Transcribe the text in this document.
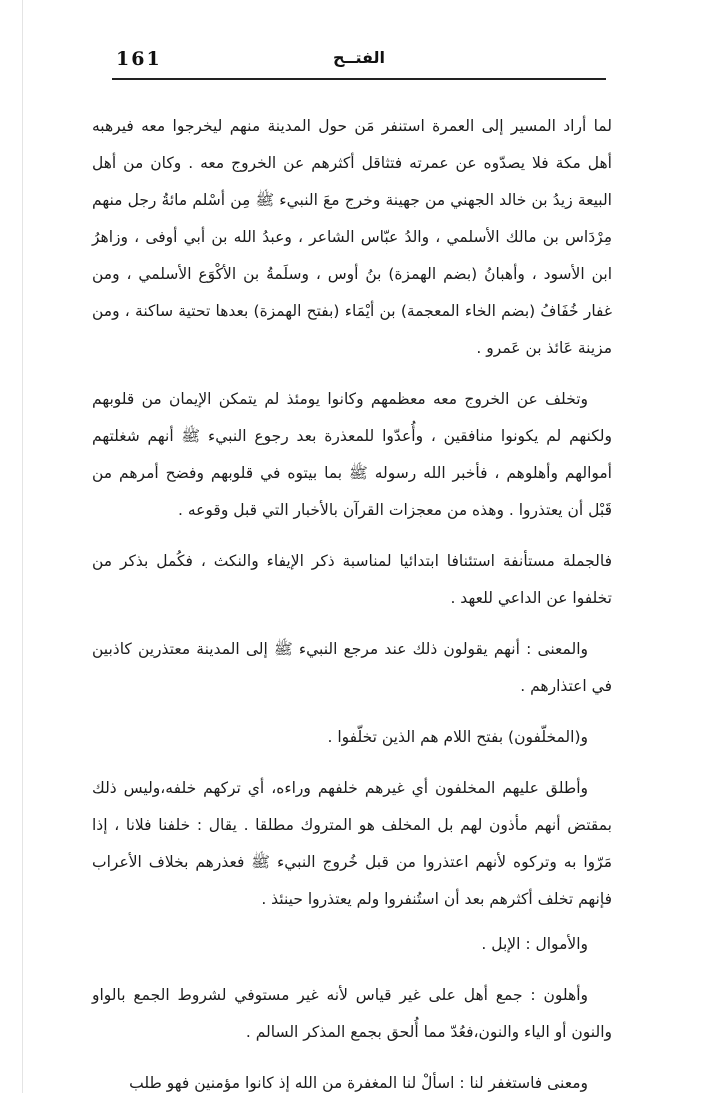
161	الفتــح

لما أراد المسير إلى العمرة استنفر مَن حول المدينة منهم ليخرجوا معه فيرهبه أهل مكة فلا يصدّوه عن عمرته فتثاقل أكثرهم عن الخروج معه . وكان من أهل البيعة زيدُ بن خالد الجهني من جهينة وخرج معَ النبيء ﷺ مِن أسْلم مائةُ رجل منهم مِرْدَاس بن مالك الأسلمي ، والدُ عبّاس الشاعر ، وعبدُ الله بن أبي أوفى ، وزاهرُ ابن الأسود ، وأهبانُ (بضم الهمزة) بنُ أوس ، وسلَمةُ بن الأكْوَع الأسلمي ، ومن غفار خُفَافُ (بضم الخاء المعجمة) بن أيْمَاء (بفتح الهمزة) بعدها تحتية ساكنة ، ومن مزينة عَائذ بن عَمرو .

وتخلف عن الخروج معه معظمهم وكانوا يومئذ لم يتمكن الإيمان من قلوبهم ولكنهم لم يكونوا منافقين ، وأُعدّوا للمعذرة بعد رجوع النبيء ﷺ أنهم شغلتهم أموالهم وأهلوهم ، فأخبر الله رسوله ﷺ بما بيتوه في قلوبهم وفضح أمرهم من قَبْل أن يعتذروا . وهذه من معجزات القرآن بالأخبار التي قبل وقوعه .

فالجملة مستأنفة استئنافا ابتدائيا لمناسبة ذكر الإيفاء والنكث ، فكُمل بذكر من تخلفوا عن الداعي للعهد .

والمعنى : أنهم يقولون ذلك عند مرجع النبيء ﷺ إلى المدينة معتذرين كاذبين في اعتذارهم .

و(المخلّفون) بفتح اللام هم الذين تخلّفوا .

وأطلق عليهم المخلفون أي غيرهم خلفهم وراءه، أي تركهم خلفه،وليس ذلك بمقتض أنهم مأذون لهم بل المخلف هو المتروك مطلقا . يقال : خلفنا فلانا ، إذا مَرّوا به وتركوه لأنهم اعتذروا من قبل خُروج النبيء ﷺ فعذرهم بخلاف الأعراب فإنهم تخلف أكثرهم بعد أن استُنفروا ولم يعتذروا حينئذ .

والأموال : الإبل .

وأهلون : جمع أهل على غير قياس لأنه غير مستوفي لشروط الجمع بالواو والنون أو الياء والنون،فعُدّ مما أُلحق بجمع المذكر السالم .

ومعنى فاستغفر لنا : اسألْ لنا المغفرة من الله إذ كانوا مؤمنين فهو طلب
